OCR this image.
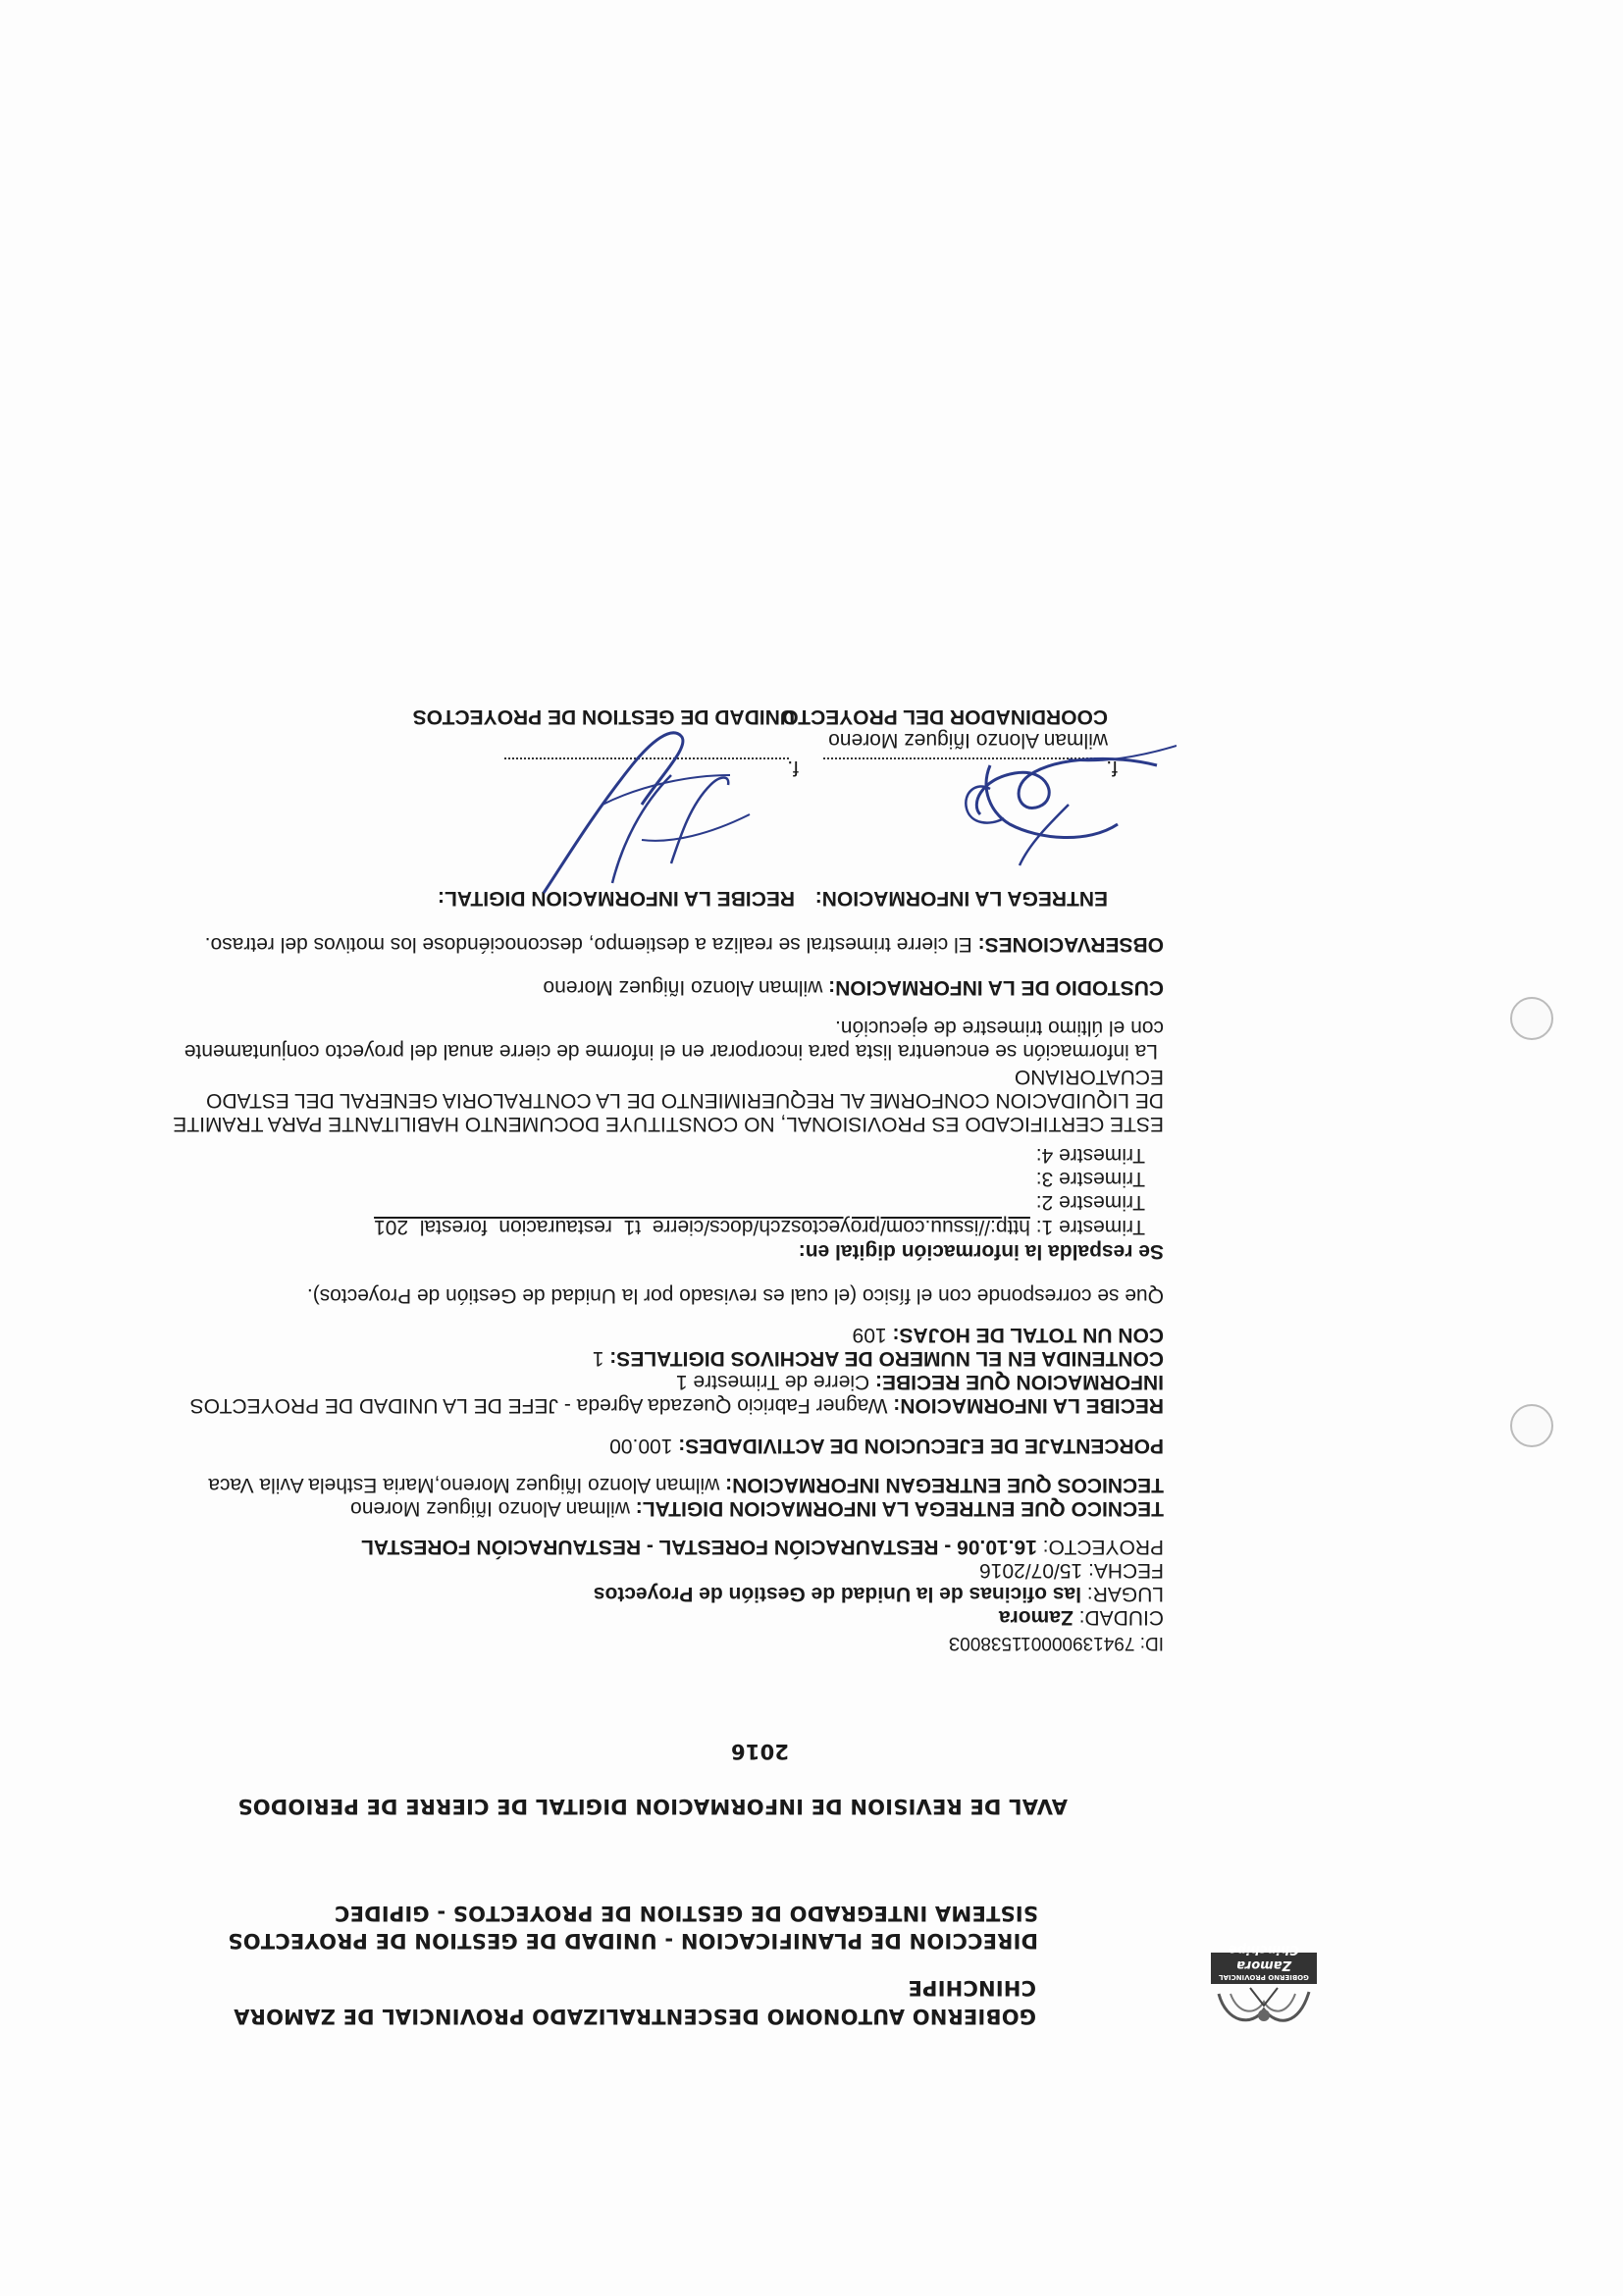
GOBIERNO PROVINCIAL
Zamora Chinchipe
GOBIERNO AUTONOMO DESCENTRALIZADO PROVINCIAL DE ZAMORA
CHINCHIPE
DIRECCION DE PLANIFICACION - UNIDAD DE GESTION DE PROYECTOS
SISTEMA INTEGRADO DE GESTION DE PROYECTOS - GIPIDEC
AVAL DE REVISION DE INFORMACION DIGITAL DE CIERRE DE PERIODOS
2016
ID: 79413900001153800З
CIUDAD: Zamora
LUGAR: las oficinas de la Unidad de Gestión de Proyectos
FECHA: 15/07/2016
PROYECTO: 16.10.06 - RESTAURACIÓN FORESTAL - RESTAURACIÓN FORESTAL
TECNICO QUE ENTREGA LA INFORMACION DIGITAL: wilman Alonzo Iñiguez Moreno
TECNICOS QUE ENTREGAN INFORMACION: wilman Alonzo Iñiguez Moreno,Maria Esthela Avila Vaca
PORCENTAJE DE EJECUCION DE ACTIVIDADES: 100.00
RECIBE LA INFORMACION: Wagner Fabricio Quezada Agreda - JEFE DE LA UNIDAD DE PROYECTOS
INFORMACION QUE RECIBE: Cierre de Trimestre 1
CONTENIDA EN EL NUMERO DE ARCHIVOS DIGITALES: 1
CON UN TOTAL DE HOJAS: 109
Que se corresponde con el físico (el cual es revisado por la Unidad de Gestión de Proyectos).
Se respalda la información digital en:
Trimestre 1: http://issuu.com/proyectoszch/docs/cierre_t1_restauracion_forestal_201
Trimestre 2:
Trimestre 3:
Trimestre 4:
ESTE CERTIFICADO ES PROVISIONAL, NO CONSTITUYE DOCUMENTO HABILITANTE PARA TRAMITE
DE LIQUIDACION CONFORME AL REQUERIMIENTO DE LA CONTRALORIA GENERAL DEL ESTADO
ECUATORIANO
La información se encuentra lista para incorporar en el informe de cierre anual del proyecto conjuntamente
con el último trimestre de ejecución.
CUSTODIO DE LA INFORMACION: wilman Alonzo Iñiguez Moreno
OBSERVACIONES: El cierre trimestral se realiza a destiempo, desconociéndose los motivos del retraso.
ENTREGA LA INFORMACION:
RECIBE LA INFORMACION DIGITAL:
f.
f.
wilman Alonzo Iñiguez Moreno
COORDINADOR DEL PROYECTO
UNIDAD DE GESTION DE PROYECTOS
